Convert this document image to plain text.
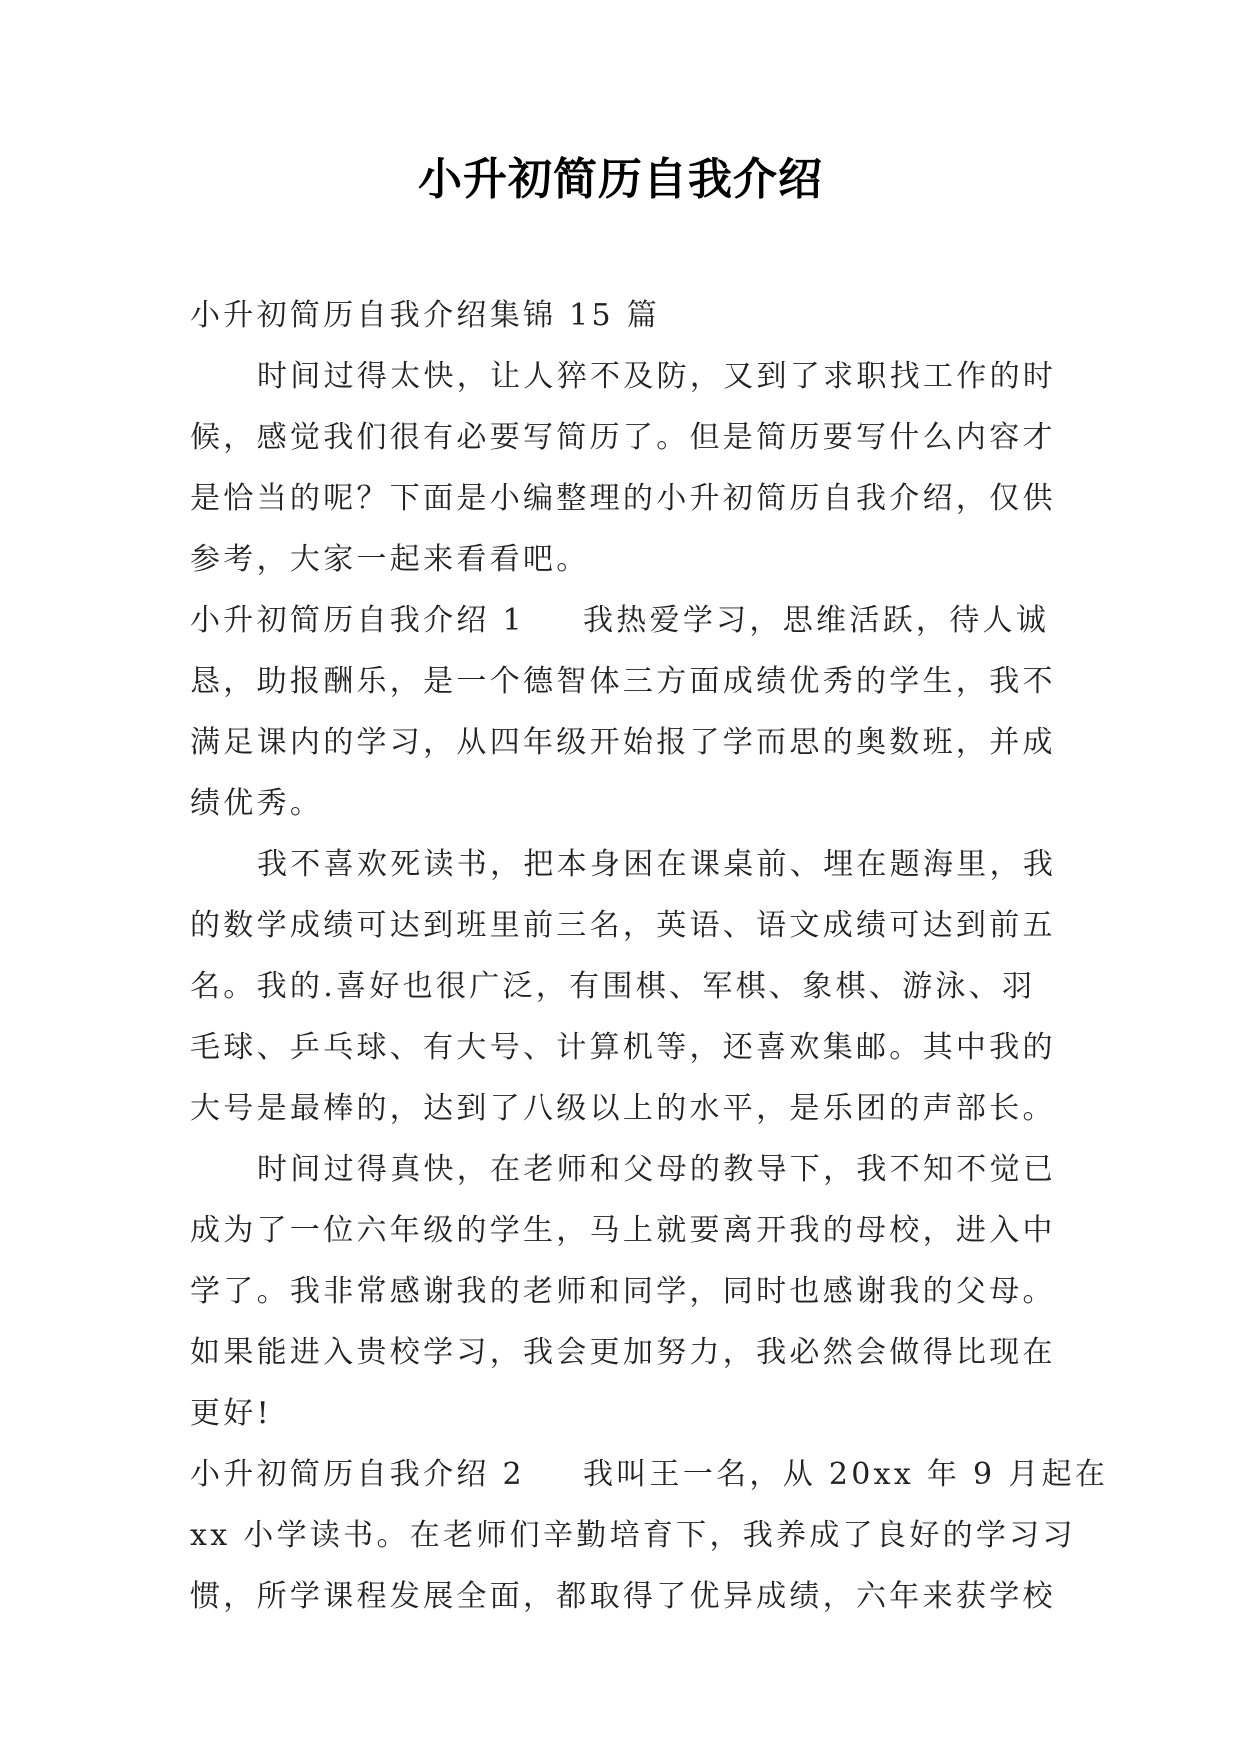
小升初简历自我介绍
小升初简历自我介绍集锦 15 篇
时间过得太快，让人猝不及防，又到了求职找工作的时
候，感觉我们很有必要写简历了。但是简历要写什么内容才
是恰当的呢？下面是小编整理的小升初简历自我介绍，仅供
参考，大家一起来看看吧。
小升初简历自我介绍 1 我热爱学习，思维活跃，待人诚
恳，助报酬乐，是一个德智体三方面成绩优秀的学生，我不
满足课内的学习，从四年级开始报了学而思的奥数班，并成
绩优秀。
我不喜欢死读书，把本身困在课桌前、埋在题海里，我
的数学成绩可达到班里前三名，英语、语文成绩可达到前五
名。我的.喜好也很广泛，有围棋、军棋、象棋、游泳、羽
毛球、乒乓球、有大号、计算机等，还喜欢集邮。其中我的
大号是最棒的，达到了八级以上的水平，是乐团的声部长。
时间过得真快，在老师和父母的教导下，我不知不觉已
成为了一位六年级的学生，马上就要离开我的母校，进入中
学了。我非常感谢我的老师和同学，同时也感谢我的父母。
如果能进入贵校学习，我会更加努力，我必然会做得比现在
更好!
小升初简历自我介绍 2 我叫王一名，从 20xx 年 9 月起在
xx 小学读书。在老师们辛勤培育下，我养成了良好的学习习
惯，所学课程发展全面，都取得了优异成绩，六年来获学校
